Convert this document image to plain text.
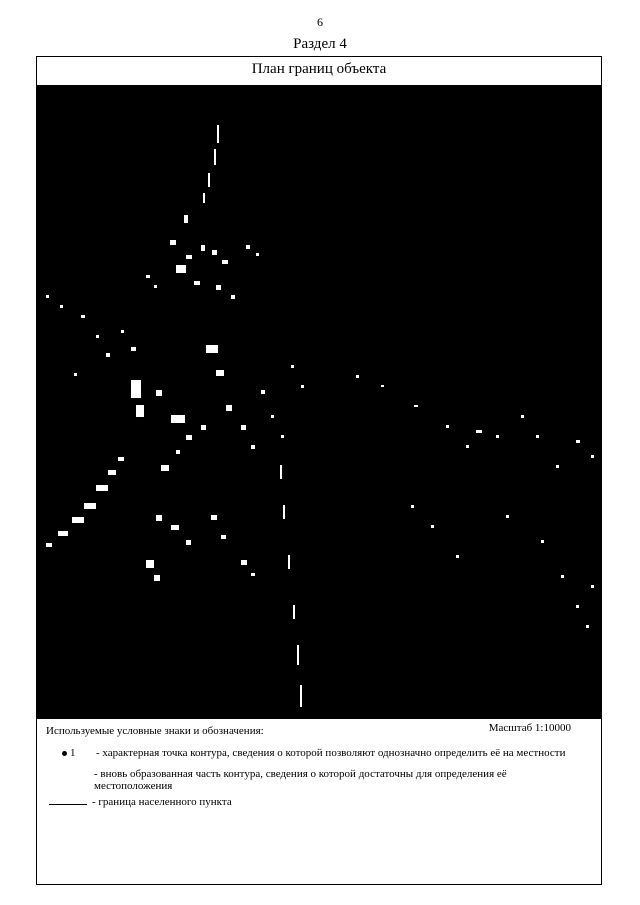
6
Раздел 4
План границ объекта
Используемые условные знаки и обозначения:	Масштаб 1:10000
1 - характерная точка контура, сведения о которой позволяют однозначно определить её на местности
- вновь образованная часть контура, сведения о которой достаточны для определения её местоположения
- граница населенного пункта
